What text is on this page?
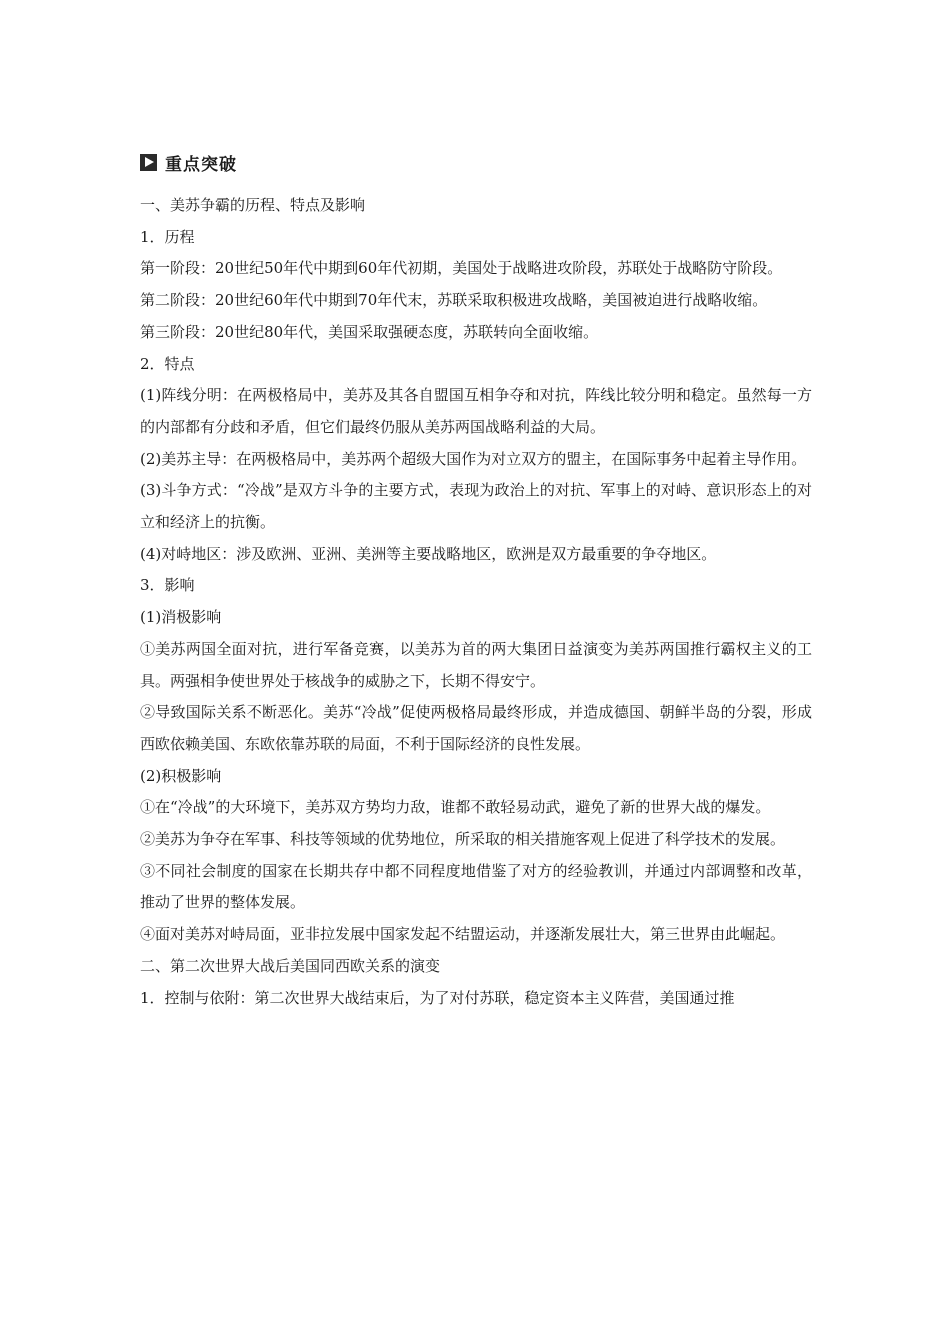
重点突破
一、美苏争霸的历程、特点及影响
1．历程
第一阶段：20世纪50年代中期到60年代初期，美国处于战略进攻阶段，苏联处于战略防守阶段。
第二阶段：20世纪60年代中期到70年代末，苏联采取积极进攻战略，美国被迫进行战略收缩。
第三阶段：20世纪80年代，美国采取强硬态度，苏联转向全面收缩。
2．特点
(1)阵线分明：在两极格局中，美苏及其各自盟国互相争夺和对抗，阵线比较分明和稳定。虽然每一方的内部都有分歧和矛盾，但它们最终仍服从美苏两国战略利益的大局。
(2)美苏主导：在两极格局中，美苏两个超级大国作为对立双方的盟主，在国际事务中起着主导作用。
(3)斗争方式：“冷战”是双方斗争的主要方式，表现为政治上的对抗、军事上的对峙、意识形态上的对立和经济上的抗衡。
(4)对峙地区：涉及欧洲、亚洲、美洲等主要战略地区，欧洲是双方最重要的争夺地区。
3．影响
(1)消极影响
①美苏两国全面对抗，进行军备竞赛，以美苏为首的两大集团日益演变为美苏两国推行霸权主义的工具。两强相争使世界处于核战争的威胁之下，长期不得安宁。
②导致国际关系不断恶化。美苏“冷战”促使两极格局最终形成，并造成德国、朝鲜半岛的分裂，形成西欧依赖美国、东欧依靠苏联的局面，不利于国际经济的良性发展。
(2)积极影响
①在“冷战”的大环境下，美苏双方势均力敌，谁都不敢轻易动武，避免了新的世界大战的爆发。
②美苏为争夺在军事、科技等领域的优势地位，所采取的相关措施客观上促进了科学技术的发展。
③不同社会制度的国家在长期共存中都不同程度地借鉴了对方的经验教训，并通过内部调整和改革，推动了世界的整体发展。
④面对美苏对峙局面，亚非拉发展中国家发起不结盟运动，并逐渐发展壮大，第三世界由此崛起。
二、第二次世界大战后美国同西欧关系的演变
1．控制与依附：第二次世界大战结束后，为了对付苏联，稳定资本主义阵营，美国通过推
